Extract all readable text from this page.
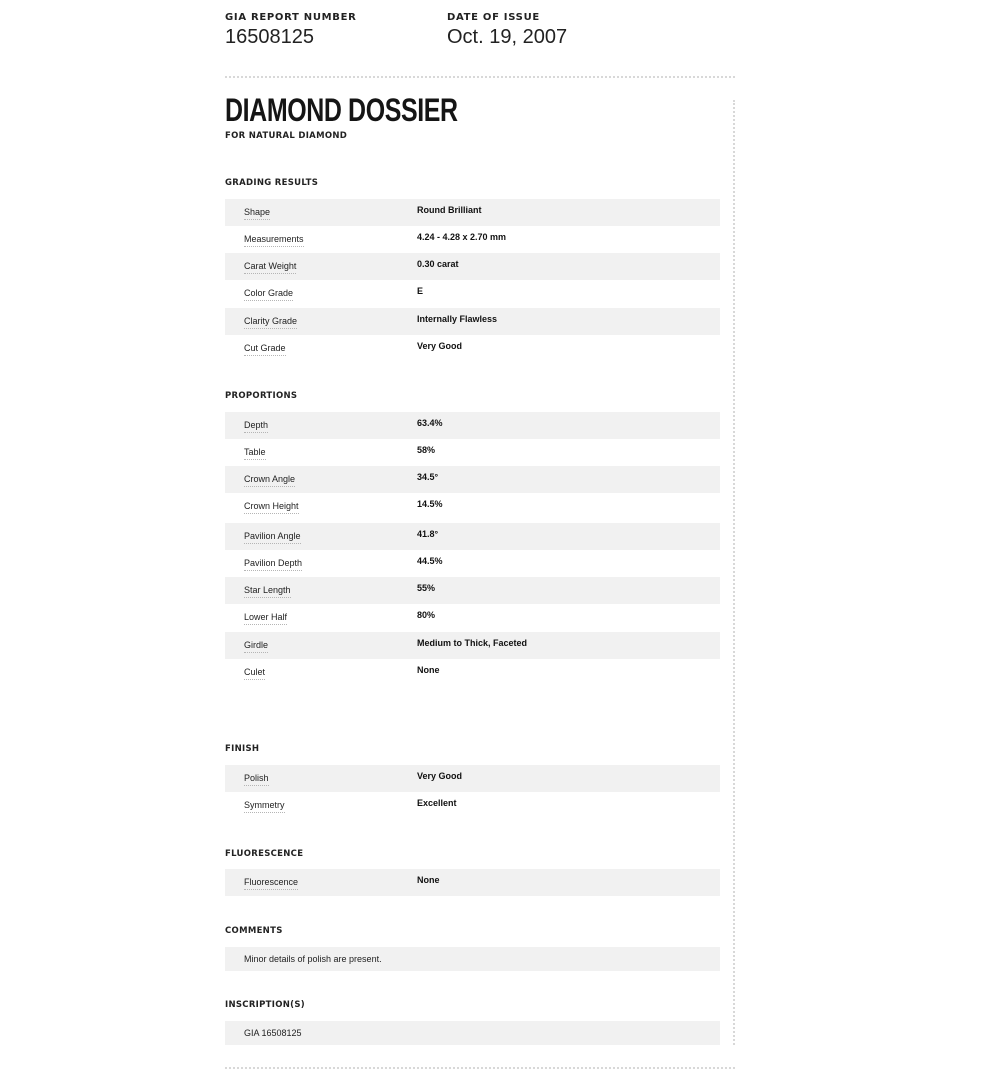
GIA REPORT NUMBER
16508125
DATE OF ISSUE
Oct. 19, 2007
DIAMOND DOSSIER
FOR NATURAL DIAMOND
GRADING RESULTS
Shape	Round Brilliant
Measurements	4.24 - 4.28 x 2.70 mm
Carat Weight	0.30 carat
Color Grade	E
Clarity Grade	Internally Flawless
Cut Grade	Very Good
PROPORTIONS
Depth	63.4%
Table	58%
Crown Angle	34.5°
Crown Height	14.5%
Pavilion Angle	41.8°
Pavilion Depth	44.5%
Star Length	55%
Lower Half	80%
Girdle	Medium to Thick, Faceted
Culet	None
FINISH
Polish	Very Good
Symmetry	Excellent
FLUORESCENCE
Fluorescence	None
COMMENTS
Minor details of polish are present.
INSCRIPTION(S)
GIA 16508125
